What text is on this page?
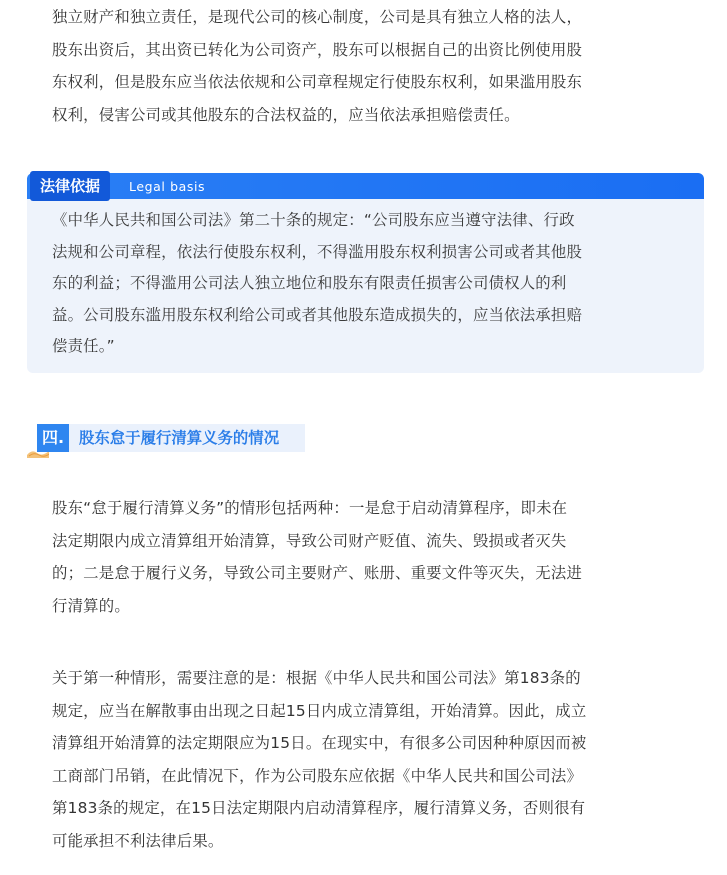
独立财产和独立责任，是现代公司的核心制度，公司是具有独立人格的法人，
股东出资后，其出资已转化为公司资产，股东可以根据自己的出资比例使用股
东权利，但是股东应当依法依规和公司章程规定行使股东权利，如果滥用股东
权利，侵害公司或其他股东的合法权益的，应当依法承担赔偿责任。

法律依据	Legal basis
《中华人民共和国公司法》第二十条的规定：“公司股东应当遵守法律、行政
法规和公司章程，依法行使股东权利，不得滥用股东权利损害公司或者其他股
东的利益；不得滥用公司法人独立地位和股东有限责任损害公司债权人的利
益。公司股东滥用股东权利给公司或者其他股东造成损失的，应当依法承担赔
偿责任。”
四. 股东怠于履行清算义务的情况

股东“怠于履行清算义务”的情形包括两种：一是怠于启动清算程序，即未在
法定期限内成立清算组开始清算，导致公司财产贬值、流失、毁损或者灭失
的；二是怠于履行义务，导致公司主要财产、账册、重要文件等灭失，无法进
行清算的。

关于第一种情形，需要注意的是：根据《中华人民共和国公司法》第183条的
规定，应当在解散事由出现之日起15日内成立清算组，开始清算。因此，成立
清算组开始清算的法定期限应为15日。在现实中，有很多公司因种种原因而被
工商部门吊销，在此情况下，作为公司股东应依据《中华人民共和国公司法》
第183条的规定，在15日法定期限内启动清算程序，履行清算义务，否则很有
可能承担不利法律后果。
